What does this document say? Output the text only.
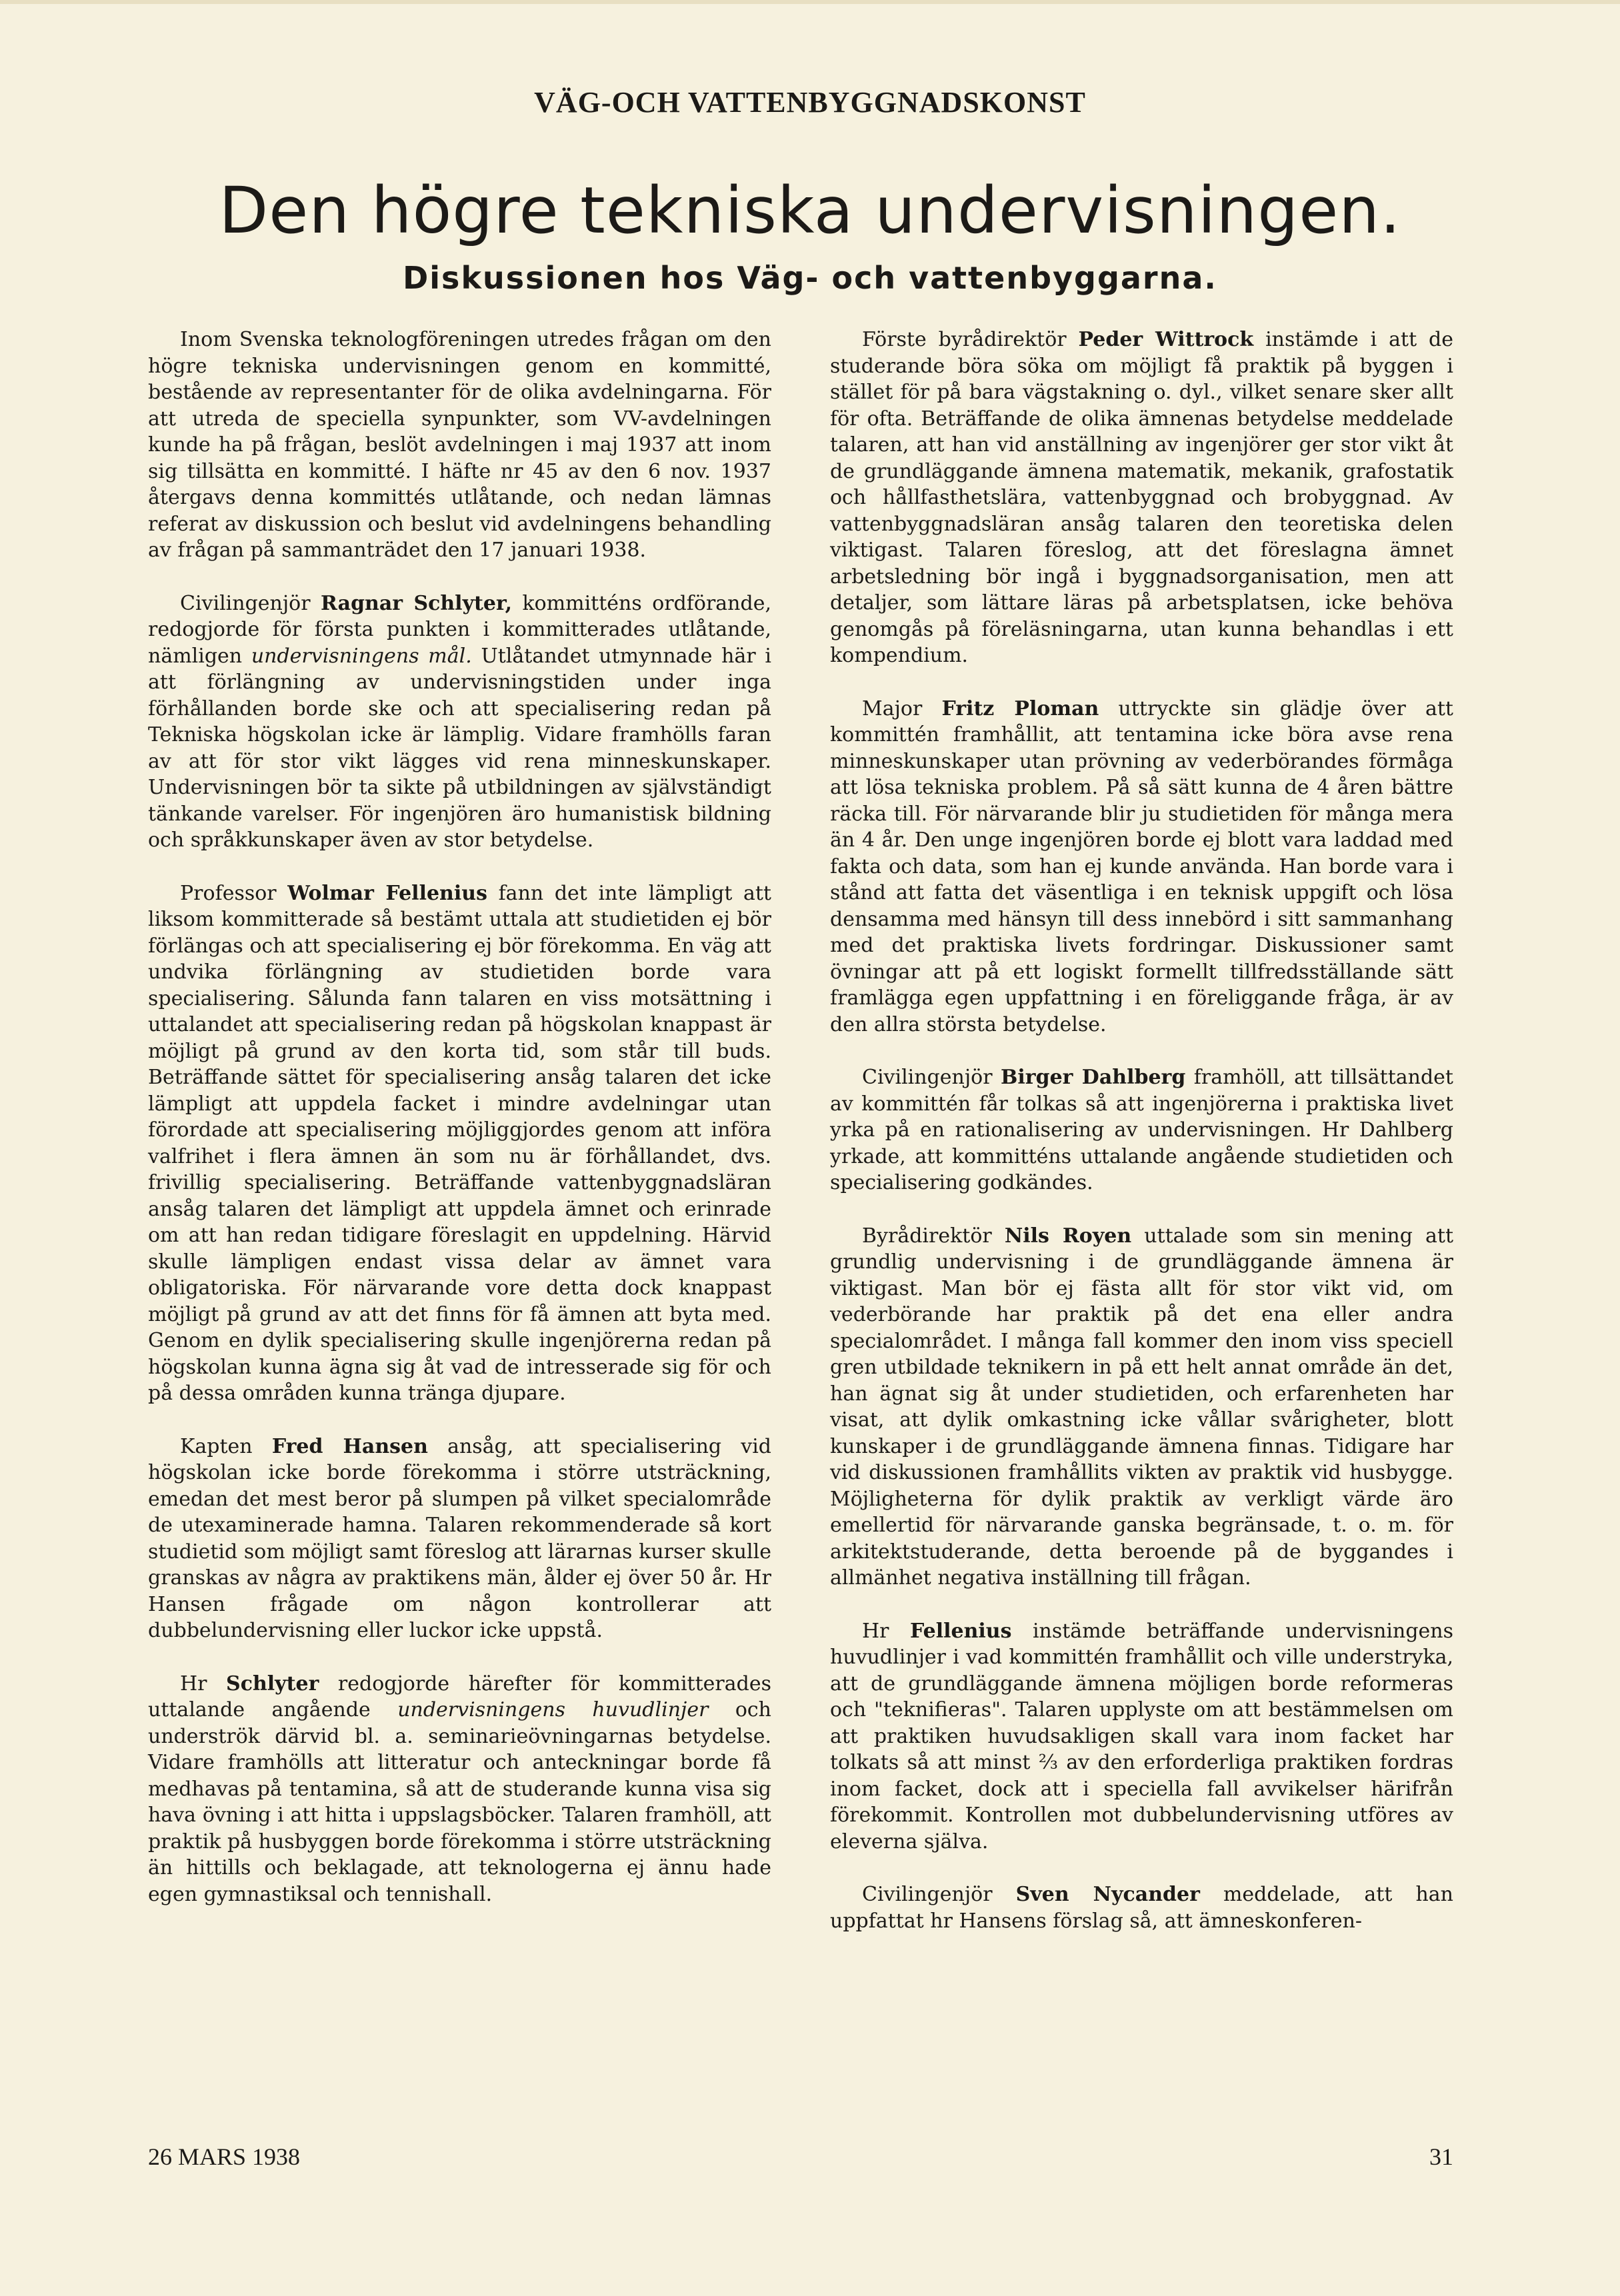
VÄG-OCH VATTENBYGGNADSKONST
Den högre tekniska undervisningen.
Diskussionen hos Väg- och vattenbyggarna.

Inom Svenska teknologföreningen utredes frågan om den högre tekniska undervisningen genom en kommitté, bestående av representanter för de olika avdelningarna. För att utreda de speciella synpunkter, som VV-avdelningen kunde ha på frågan, beslöt avdelningen i maj 1937 att inom sig tillsätta en kommitté. I häfte nr 45 av den 6 nov. 1937 återgavs denna kommittés utlåtande, och nedan lämnas referat av diskussion och beslut vid avdelningens behandling av frågan på sammanträdet den 17 januari 1938.

Civilingenjör Ragnar Schlyter, kommitténs ordförande, redogjorde för första punkten i kommitterades utlåtande, nämligen undervisningens mål. Utlåtandet utmynnade här i att förlängning av undervisningstiden under inga förhållanden borde ske och att specialisering redan på Tekniska högskolan icke är lämplig. Vidare framhölls faran av att för stor vikt lägges vid rena minneskunskaper. Undervisningen bör ta sikte på utbildningen av självständigt tänkande varelser. För ingenjören äro humanistisk bildning och språkkunskaper även av stor betydelse.

Professor Wolmar Fellenius fann det inte lämpligt att liksom kommitterade så bestämt uttala att studietiden ej bör förlängas och att specialisering ej bör förekomma. En väg att undvika förlängning av studietiden borde vara specialisering. Sålunda fann talaren en viss motsättning i uttalandet att specialisering redan på högskolan knappast är möjligt på grund av den korta tid, som står till buds. Beträffande sättet för specialisering ansåg talaren det icke lämpligt att uppdela facket i mindre avdelningar utan förordade att specialisering möjliggjordes genom att införa valfrihet i flera ämnen än som nu är förhållandet, dvs. frivillig specialisering. Beträffande vattenbyggnadsläran ansåg talaren det lämpligt att uppdela ämnet och erinrade om att han redan tidigare föreslagit en uppdelning. Härvid skulle lämpligen endast vissa delar av ämnet vara obligatoriska. För närvarande vore detta dock knappast möjligt på grund av att det finns för få ämnen att byta med. Genom en dylik specialisering skulle ingenjörerna redan på högskolan kunna ägna sig åt vad de intresserade sig för och på dessa områden kunna tränga djupare.

Kapten Fred Hansen ansåg, att specialisering vid högskolan icke borde förekomma i större utsträckning, emedan det mest beror på slumpen på vilket specialområde de utexaminerade hamna. Talaren rekommenderade så kort studietid som möjligt samt föreslog att lärarnas kurser skulle granskas av några av praktikens män, ålder ej över 50 år. Hr Hansen frågade om någon kontrollerar att dubbelundervisning eller luckor icke uppstå.

Hr Schlyter redogjorde härefter för kommitterades uttalande angående undervisningens huvudlinjer och underströk därvid bl. a. seminarieövningarnas betydelse. Vidare framhölls att litteratur och anteckningar borde få medhavas på tentamina, så att de studerande kunna visa sig hava övning i att hitta i uppslagsböcker. Talaren framhöll, att praktik på husbyggen borde förekomma i större utsträckning än hittills och beklagade, att teknologerna ej ännu hade egen gymnastiksal och tennishall.

Förste byrådirektör Peder Wittrock instämde i att de studerande böra söka om möjligt få praktik på byggen i stället för på bara vägstakning o. dyl., vilket senare sker allt för ofta. Beträffande de olika ämnenas betydelse meddelade talaren, att han vid anställning av ingenjörer ger stor vikt åt de grundläggande ämnena matematik, mekanik, grafostatik och hållfasthetslära, vattenbyggnad och brobyggnad. Av vattenbyggnadsläran ansåg talaren den teoretiska delen viktigast. Talaren föreslog, att det föreslagna ämnet arbetsledning bör ingå i byggnadsorganisation, men att detaljer, som lättare läras på arbetsplatsen, icke behöva genomgås på föreläsningarna, utan kunna behandlas i ett kompendium.

Major Fritz Ploman uttryckte sin glädje över att kommittén framhållit, att tentamina icke böra avse rena minneskunskaper utan prövning av vederbörandes förmåga att lösa tekniska problem. På så sätt kunna de 4 åren bättre räcka till. För närvarande blir ju studietiden för många mera än 4 år. Den unge ingenjören borde ej blott vara laddad med fakta och data, som han ej kunde använda. Han borde vara i stånd att fatta det väsentliga i en teknisk uppgift och lösa densamma med hänsyn till dess innebörd i sitt sammanhang med det praktiska livets fordringar. Diskussioner samt övningar att på ett logiskt formellt tillfredsställande sätt framlägga egen uppfattning i en föreliggande fråga, är av den allra största betydelse.

Civilingenjör Birger Dahlberg framhöll, att tillsättandet av kommittén får tolkas så att ingenjörerna i praktiska livet yrka på en rationalisering av undervisningen. Hr Dahlberg yrkade, att kommitténs uttalande angående studietiden och specialisering godkändes.

Byrådirektör Nils Royen uttalade som sin mening att grundlig undervisning i de grundläggande ämnena är viktigast. Man bör ej fästa allt för stor vikt vid, om vederbörande har praktik på det ena eller andra specialområdet. I många fall kommer den inom viss speciell gren utbildade teknikern in på ett helt annat område än det, han ägnat sig åt under studietiden, och erfarenheten har visat, att dylik omkastning icke vållar svårigheter, blott kunskaper i de grundläggande ämnena finnas. Tidigare har vid diskussionen framhållits vikten av praktik vid husbygge. Möjligheterna för dylik praktik av verkligt värde äro emellertid för närvarande ganska begränsade, t. o. m. för arkitektstuderande, detta beroende på de byggandes i allmänhet negativa inställning till frågan.

Hr Fellenius instämde beträffande undervisningens huvudlinjer i vad kommittén framhållit och ville understryka, att de grundläggande ämnena möjligen borde reformeras och "teknifieras". Talaren upplyste om att bestämmelsen om att praktiken huvudsakligen skall vara inom facket har tolkats så att minst ⅔ av den erforderliga praktiken fordras inom facket, dock att i speciella fall avvikelser härifrån förekommit. Kontrollen mot dubbelundervisning utföres av eleverna själva.

Civilingenjör Sven Nycander meddelade, att han uppfattat hr Hansens förslag så, att ämneskonferen-

26 MARS 1938	31
